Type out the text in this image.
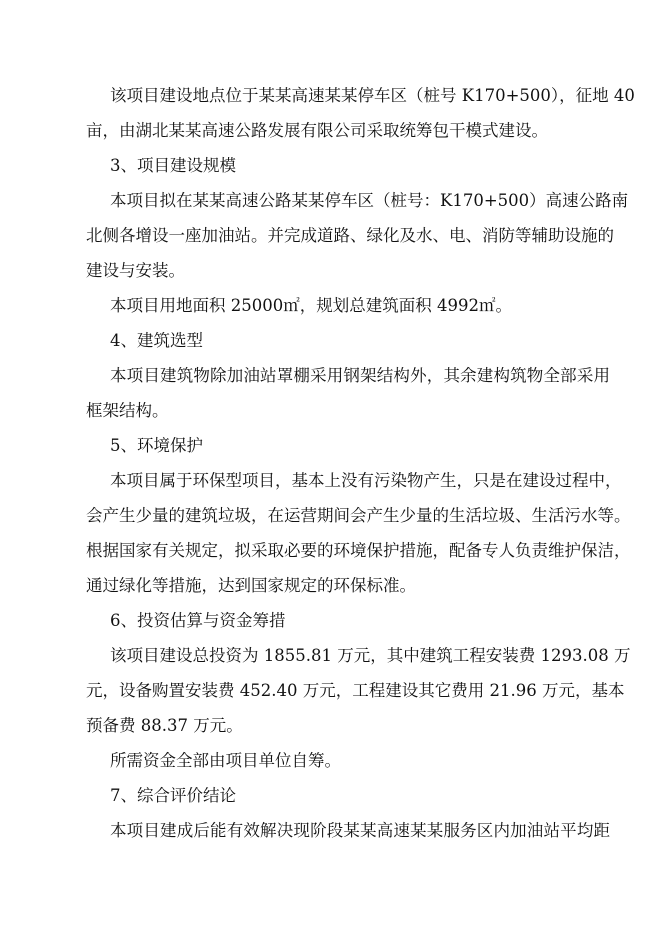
该项目建设地点位于某某高速某某停车区（桩号 K170+500），征地 40
亩，由湖北某某高速公路发展有限公司采取统筹包干模式建设。
3、项目建设规模
本项目拟在某某高速公路某某停车区（桩号：K170+500）高速公路南
北侧各增设一座加油站。并完成道路、绿化及水、电、消防等辅助设施的
建设与安装。
本项目用地面积 25000㎡，规划总建筑面积 4992㎡。
4、建筑选型
本项目建筑物除加油站罩棚采用钢架结构外，其余建构筑物全部采用
框架结构。
5、环境保护
本项目属于环保型项目，基本上没有污染物产生，只是在建设过程中，
会产生少量的建筑垃圾，在运营期间会产生少量的生活垃圾、生活污水等。
根据国家有关规定，拟采取必要的环境保护措施，配备专人负责维护保洁，
通过绿化等措施，达到国家规定的环保标准。
6、投资估算与资金筹措
该项目建设总投资为 1855.81 万元，其中建筑工程安装费 1293.08 万
元，设备购置安装费 452.40 万元，工程建设其它费用 21.96 万元，基本
预备费 88.37 万元。
所需资金全部由项目单位自筹。
7、综合评价结论
本项目建成后能有效解决现阶段某某高速某某服务区内加油站平均距
